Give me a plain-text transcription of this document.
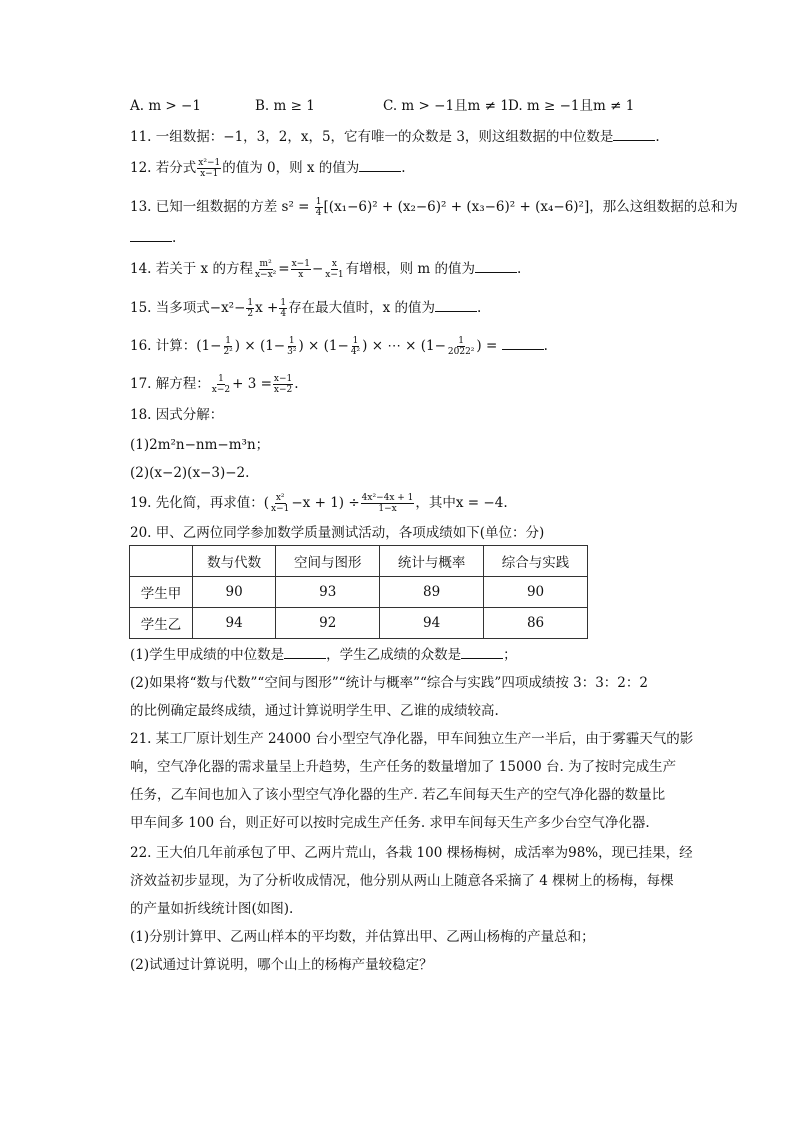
A. m > −1	B. m ≥ 1	C. m > −1且m ≠ 1 D. m ≥ −1且m ≠ 1
11. 一组数据：−1，3，2，x，5，它有唯一的众数是 3，则这组数据的中位数是	.
12. 若分式 $\frac{\text{x²−1}}{x-1}$ 的值为 0，则 x 的值为	.
13. 已知一组数据的方差 $s^2 = \frac{1}{4} [(x_1-6)^2 + (x_2-6)^2 + (x_3-6)^2 + (x_4-6)^2]$，那么这组数据的总和为
.
14. 若关于 x 的方程 $\frac{\text{m²}}{\text{x−x²}} = \frac{x-1}{x} - \frac{x}{x-1}$ 有增根，则 m 的值为	.
15. 当多项式$-x^2- \frac{1}{2}$ $x + \frac{1}{4}$ 存在最大值时，x 的值为	.
16. 计算：($1- \frac{1}{\text{2²}}$ ) × ($1- \frac{1}{\text{3²}}$ ) × ($1- \frac{1}{\text{4²}}$ ) × ⋯ × ($1- \frac{1}{\text{2022²}}$ ) =	.
17. 解方程： $\frac{1}{x-2} + 3 = \frac{x-1}{x-2}$ .
18. 因式分解：
(1)2m²n−nm−m³n；
(2)(x−2)(x−3)−2.
19. 先化简，再求值：( $\frac{\text{x²}}{x-1} -x + 1) \div \frac{\text{4x²−4x + 1}}{1-x}$ ，其中x = −4.
20. 甲、乙两位同学参加数学质量测试活动，各项成绩如下(单位：分)
	数与代数	空间与图形	统计与概率	综合与实践
学生甲	90	93	89	90
学生乙	94	92	94	86
(1)学生甲成绩的中位数是	，学生乙成绩的众数是	；
(2)如果将“数与代数”“空间与图形”“统计与概率”“综合与实践”四项成绩按 3：3：2：2
的比例确定最终成绩，通过计算说明学生甲、乙谁的成绩较高.
21. 某工厂原计划生产 24000 台小型空气净化器，甲车间独立生产一半后，由于雾霾天气的影
响，空气净化器的需求量呈上升趋势，生产任务的数量增加了 15000 台. 为了按时完成生产
任务，乙车间也加入了该小型空气净化器的生产. 若乙车间每天生产的空气净化器的数量比
甲车间多 100 台，则正好可以按时完成生产任务. 求甲车间每天生产多少台空气净化器.
22. 王大伯几年前承包了甲、乙两片荒山，各栽 100 棵杨梅树，成活率为98%，现已挂果，经
济效益初步显现，为了分析收成情况，他分别从两山上随意各采摘了 4 棵树上的杨梅，每棵
的产量如折线统计图(如图).
(1)分别计算甲、乙两山样本的平均数，并估算出甲、乙两山杨梅的产量总和；
(2)试通过计算说明，哪个山上的杨梅产量较稳定？
